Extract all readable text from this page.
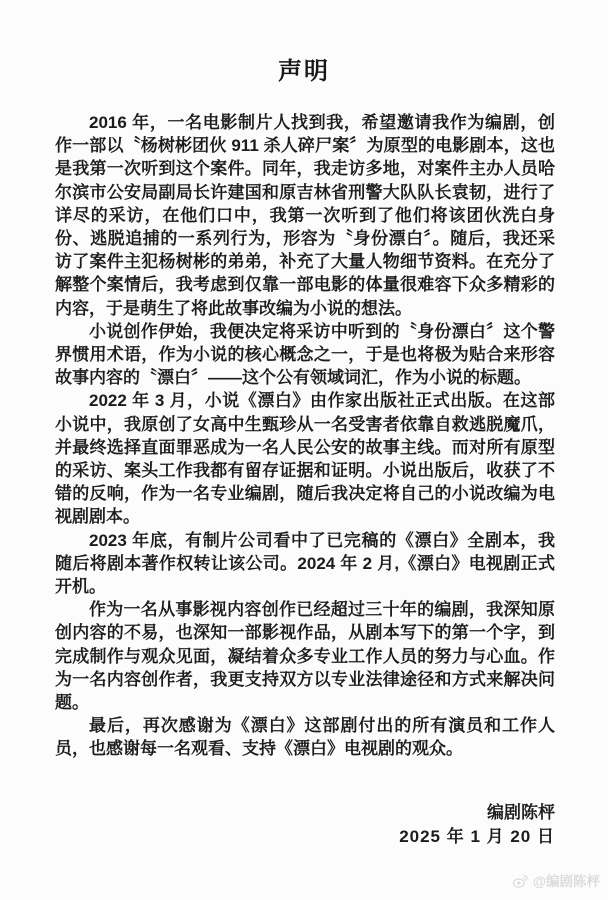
声明

2016 年，一名电影制片人找到我，希望邀请我作为编剧，创作一部以〝杨树彬团伙 911 杀人碎尸案〞为原型的电影剧本，这也是我第一次听到这个案件。同年，我走访多地，对案件主办人员哈尔滨市公安局副局长许建国和原吉林省刑警大队队长袁韧，进行了详尽的采访，在他们口中，我第一次听到了他们将该团伙洗白身份、逃脱追捕的一系列行为，形容为〝身份漂白〞。随后，我还采访了案件主犯杨树彬的弟弟，补充了大量人物细节资料。在充分了解整个案情后，我考虑到仅靠一部电影的体量很难容下众多精彩的内容，于是萌生了将此故事改编为小说的想法。

小说创作伊始，我便决定将采访中听到的〝身份漂白〞这个警界惯用术语，作为小说的核心概念之一，于是也将极为贴合来形容故事内容的〝漂白〞——这个公有领域词汇，作为小说的标题。

2022 年 3 月，小说《漂白》由作家出版社正式出版。在这部小说中，我原创了女高中生甄珍从一名受害者依靠自救逃脱魔爪，并最终选择直面罪恶成为一名人民公安的故事主线。而对所有原型的采访、案头工作我都有留存证据和证明。小说出版后，收获了不错的反响，作为一名专业编剧，随后我决定将自己的小说改编为电视剧剧本。

2023 年底，有制片公司看中了已完稿的《漂白》全剧本，我随后将剧本著作权转让该公司。2024 年 2 月,《漂白》电视剧正式开机。

作为一名从事影视内容创作已经超过三十年的编剧，我深知原创内容的不易，也深知一部影视作品，从剧本写下的第一个字，到完成制作与观众见面，凝结着众多专业工作人员的努力与心血。作为一名内容创作者，我更支持双方以专业法律途径和方式来解决问题。

最后，再次感谢为《漂白》这部剧付出的所有演员和工作人员，也感谢每一名观看、支持《漂白》电视剧的观众。

编剧陈枰
2025 年 1 月 20 日
@编剧陈枰
